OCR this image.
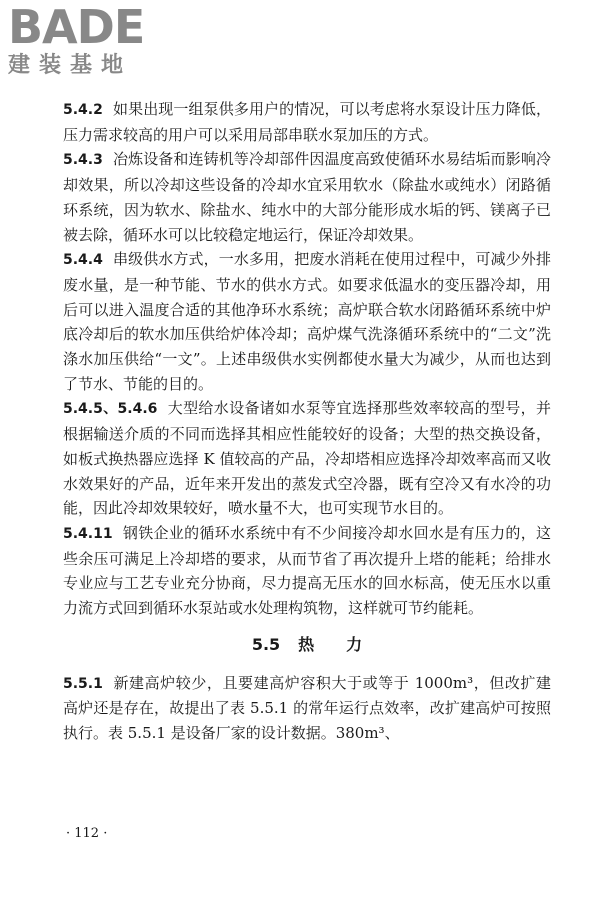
BADE
建装基地

5.4.2 如果出现一组泵供多用户的情况，可以考虑将水泵设计压力降低，压力需求较高的用户可以采用局部串联水泵加压的方式。

5.4.3 冶炼设备和连铸机等冷却部件因温度高致使循环水易结垢而影响冷却效果，所以冷却这些设备的冷却水宜采用软水（除盐水或纯水）闭路循环系统，因为软水、除盐水、纯水中的大部分能形成水垢的钙、镁离子已被去除，循环水可以比较稳定地运行，保证冷却效果。

5.4.4 串级供水方式，一水多用，把废水消耗在使用过程中，可减少外排废水量，是一种节能、节水的供水方式。如要求低温水的变压器冷却，用后可以进入温度合适的其他净环水系统；高炉联合软水闭路循环系统中炉底冷却后的软水加压供给炉体冷却；高炉煤气洗涤循环系统中的“二文”洗涤水加压供给“一文”。上述串级供水实例都使水量大为减少，从而也达到了节水、节能的目的。

5.4.5、5.4.6 大型给水设备诸如水泵等宜选择那些效率较高的型号，并根据输送介质的不同而选择其相应性能较好的设备；大型的热交换设备，如板式换热器应选择 K 值较高的产品，冷却塔相应选择冷却效率高而又收水效果好的产品，近年来开发出的蒸发式空冷器，既有空冷又有水冷的功能，因此冷却效果较好，喷水量不大，也可实现节水目的。

5.4.11 钢铁企业的循环水系统中有不少间接冷却水回水是有压力的，这些余压可满足上冷却塔的要求，从而节省了再次提升上塔的能耗；给排水专业应与工艺专业充分协商，尽力提高无压水的回水标高，使无压水以重力流方式回到循环水泵站或水处理构筑物，这样就可节约能耗。

5.5 热　　力

5.5.1 新建高炉较少，且要建高炉容积大于或等于 1000m³，但改扩建高炉还是存在，故提出了表 5.5.1 的常年运行点效率，改扩建高炉可按照执行。表 5.5.1 是设备厂家的设计数据。380m³、

· 112 ·
